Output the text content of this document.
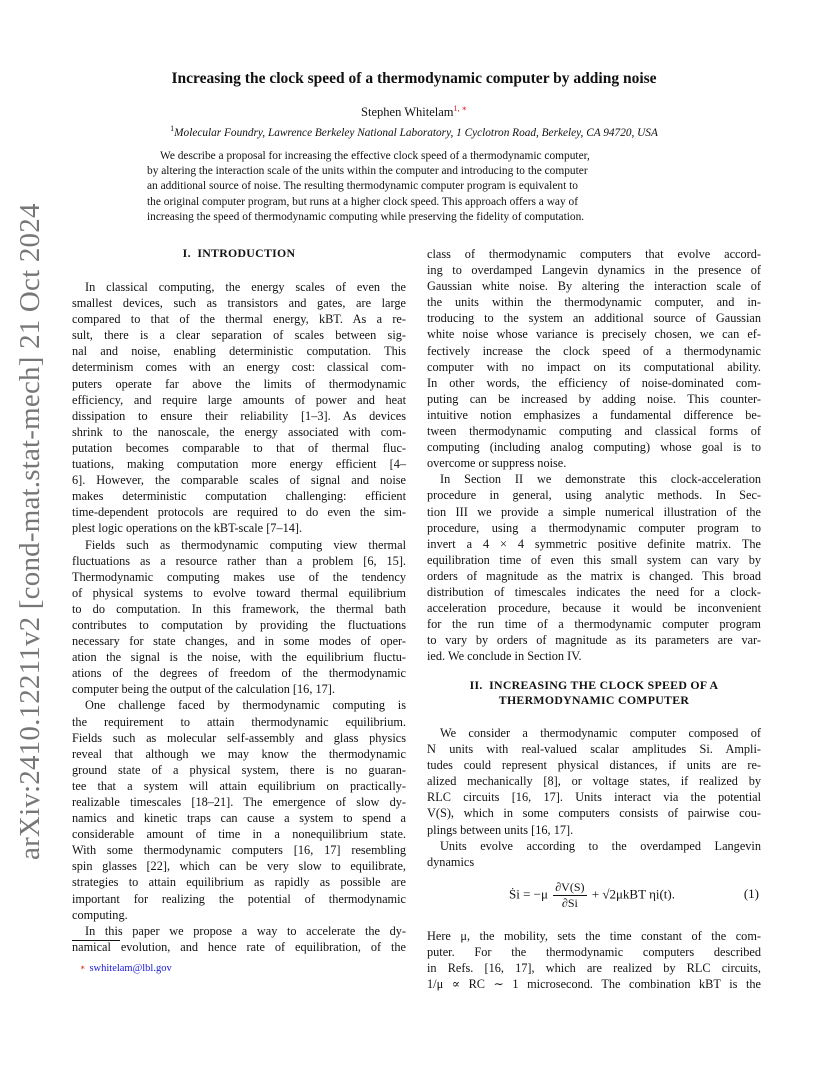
arXiv:2410.12211v2 [cond-mat.stat-mech] 21 Oct 2024
Increasing the clock speed of a thermodynamic computer by adding noise
Stephen Whitelam$^{1, ∗}$
$^1$Molecular Foundry, Lawrence Berkeley National Laboratory, 1 Cyclotron Road, Berkeley, CA 94720, USA
We describe a proposal for increasing the effective clock speed of a thermodynamic computer,
by altering the interaction scale of the units within the computer and introducing to the computer
an additional source of noise. The resulting thermodynamic computer program is equivalent to
the original computer program, but runs at a higher clock speed. This approach offers a way of
increasing the speed of thermodynamic computing while preserving the fidelity of computation.
I. INTRODUCTION
In classical computing, the energy scales of even the
smallest devices, such as transistors and gates, are large
compared to that of the thermal energy, kBT. As a re-
sult, there is a clear separation of scales between sig-
nal and noise, enabling deterministic computation. This
determinism comes with an energy cost: classical com-
puters operate far above the limits of thermodynamic
efficiency, and require large amounts of power and heat
dissipation to ensure their reliability [1–3]. As devices
shrink to the nanoscale, the energy associated with com-
putation becomes comparable to that of thermal fluc-
tuations, making computation more energy efficient [4–
6]. However, the comparable scales of signal and noise
makes deterministic computation challenging: efficient
time-dependent protocols are required to do even the sim-
plest logic operations on the kBT-scale [7–14].
Fields such as thermodynamic computing view thermal
fluctuations as a resource rather than a problem [6, 15].
Thermodynamic computing makes use of the tendency
of physical systems to evolve toward thermal equilibrium
to do computation. In this framework, the thermal bath
contributes to computation by providing the fluctuations
necessary for state changes, and in some modes of oper-
ation the signal is the noise, with the equilibrium fluctu-
ations of the degrees of freedom of the thermodynamic
computer being the output of the calculation [16, 17].
One challenge faced by thermodynamic computing is
the requirement to attain thermodynamic equilibrium.
Fields such as molecular self-assembly and glass physics
reveal that although we may know the thermodynamic
ground state of a physical system, there is no guaran-
tee that a system will attain equilibrium on practically-
realizable timescales [18–21]. The emergence of slow dy-
namics and kinetic traps can cause a system to spend a
considerable amount of time in a nonequilibrium state.
With some thermodynamic computers [16, 17] resembling
spin glasses [22], which can be very slow to equilibrate,
strategies to attain equilibrium as rapidly as possible are
important for realizing the potential of thermodynamic
computing.
In this paper we propose a way to accelerate the dy-
namical evolution, and hence rate of equilibration, of the
class of thermodynamic computers that evolve accord-
ing to overdamped Langevin dynamics in the presence of
Gaussian white noise. By altering the interaction scale of
the units within the thermodynamic computer, and in-
troducing to the system an additional source of Gaussian
white noise whose variance is precisely chosen, we can ef-
fectively increase the clock speed of a thermodynamic
computer with no impact on its computational ability.
In other words, the efficiency of noise-dominated com-
puting can be increased by adding noise. This counter-
intuitive notion emphasizes a fundamental difference be-
tween thermodynamic computing and classical forms of
computing (including analog computing) whose goal is to
overcome or suppress noise.
In Section II we demonstrate this clock-acceleration
procedure in general, using analytic methods. In Sec-
tion III we provide a simple numerical illustration of the
procedure, using a thermodynamic computer program to
invert a 4 × 4 symmetric positive definite matrix. The
equilibration time of even this small system can vary by
orders of magnitude as the matrix is changed. This broad
distribution of timescales indicates the need for a clock-
acceleration procedure, because it would be inconvenient
for the run time of a thermodynamic computer program
to vary by orders of magnitude as its parameters are var-
ied. We conclude in Section IV.
II. INCREASING THE CLOCK SPEED OF A
THERMODYNAMIC COMPUTER
We consider a thermodynamic computer composed of
N units with real-valued scalar amplitudes Si. Ampli-
tudes could represent physical distances, if units are re-
alized mechanically [8], or voltage states, if realized by
RLC circuits [16, 17]. Units interact via the potential
V(S), which in some computers consists of pairwise cou-
plings between units [16, 17].
Units evolve according to the overdamped Langevin
dynamics
Ṡi = $-\mu \frac{\partial V(S)}{\partial Si} + √2\mu kBT$ ηi(t).	(1)
Here μ, the mobility, sets the time constant of the com-
puter. For the thermodynamic computers described
in Refs. [16, 17], which are realized by RLC circuits,
1/μ ∝ RC ∼ 1 microsecond. The combination kBT is the
∗ swhitelam@lbl.gov
